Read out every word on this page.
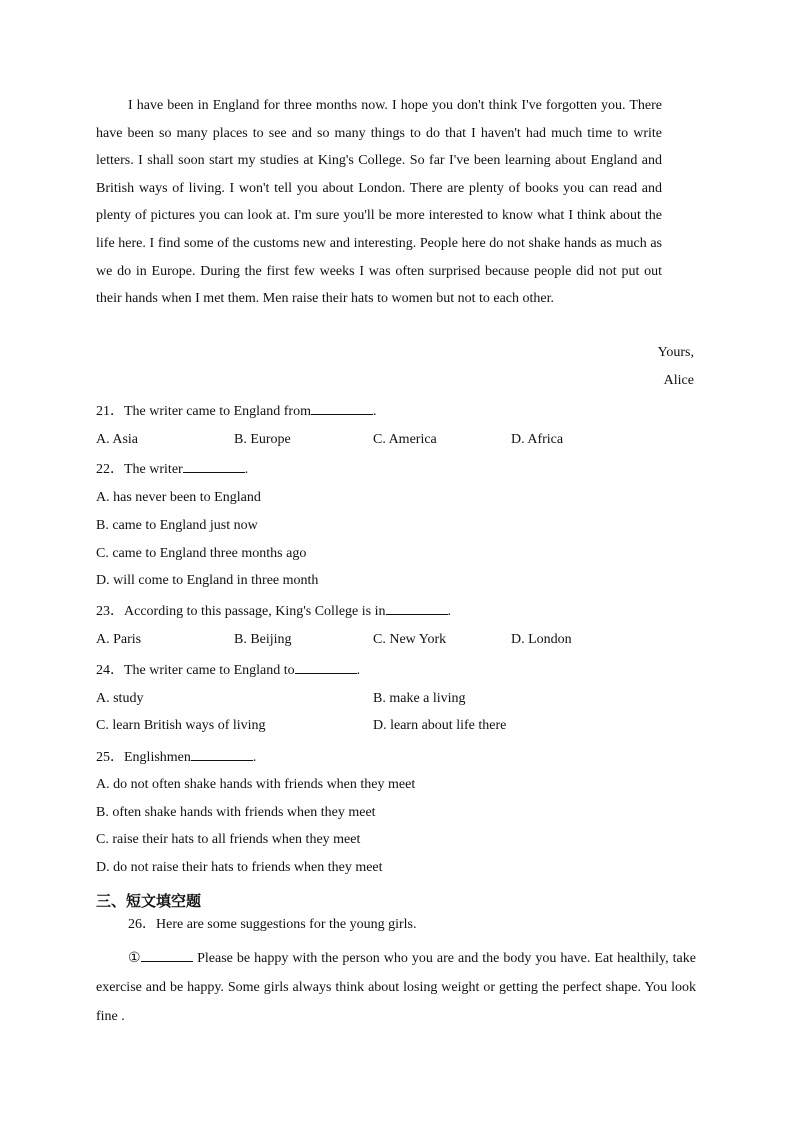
I have been in England for three months now. I hope you don't think I've forgotten you. There have been so many places to see and so many things to do that I haven't had much time to write letters. I shall soon start my studies at King's College. So far I've been learning about England and British ways of living. I won't tell you about London. There are plenty of books you can read and plenty of pictures you can look at. I'm sure you'll be more interested to know what I think about the life here. I find some of the customs new and interesting. People here do not shake hands as much as we do in Europe. During the first few weeks I was often surprised because people did not put out their hands when I met them. Men raise their hats to women but not to each other.

Yours,
Alice
21．The writer came to England from	.
A. Asia	B. Europe	C. America	D. Africa
22．The writer	.
A. has never been to England
B. came to England just now
C. came to England three months ago
D. will come to England in three month
23．According to this passage, King's College is in	.
A. Paris	B. Beijing	C. New York	D. London
24．The writer came to England to	.
A. study	B. make a living
C. learn British ways of living	D. learn about life there
25．Englishmen	.
A. do not often shake hands with friends when they meet
B. often shake hands with friends when they meet
C. raise their hats to all friends when they meet
D. do not raise their hats to friends when they meet
三、短文填空题
26．Here are some suggestions for the young girls.

①	Please be happy with the person who you are and the body you have. Eat healthily, take exercise and be happy. Some girls always think about losing weight or getting the perfect shape. You look fine .
